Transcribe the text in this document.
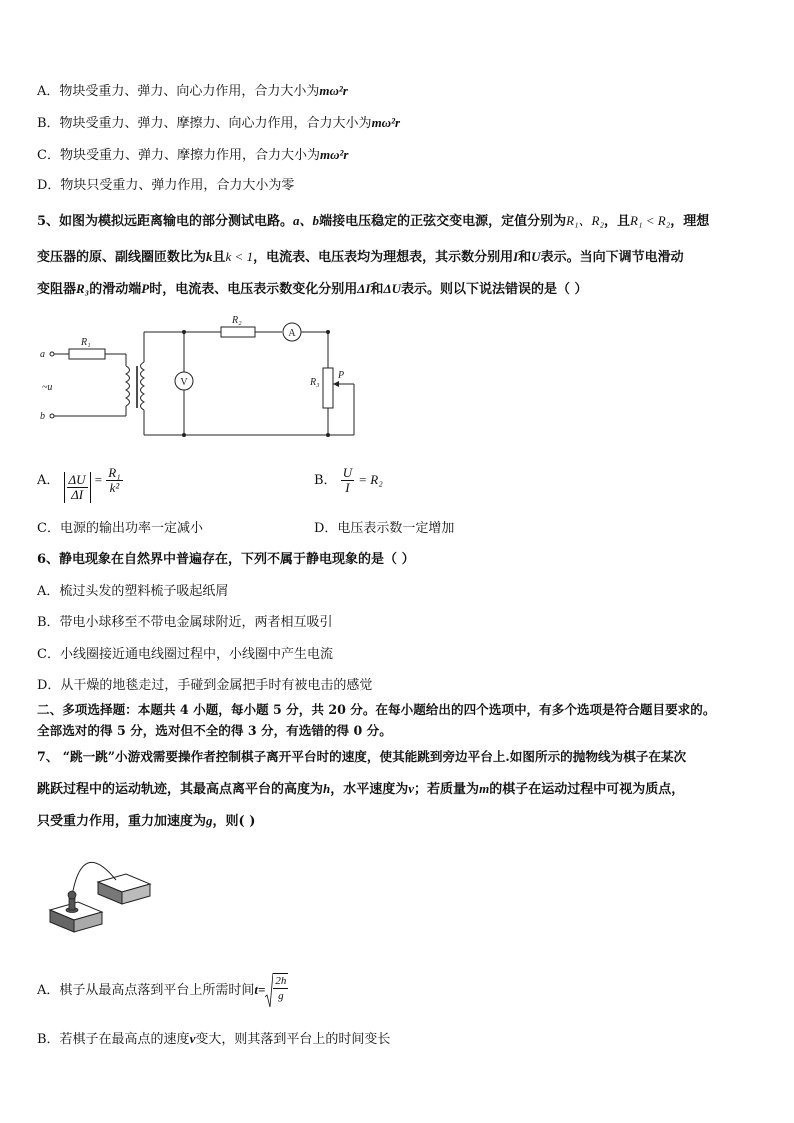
A．物块受重力、弹力、向心力作用，合力大小为mω²r
B．物块受重力、弹力、摩擦力、向心力作用，合力大小为mω²r
C．物块受重力、弹力、摩擦力作用，合力大小为mω²r
D．物块只受重力、弹力作用，合力大小为零
5、如图为模拟远距离输电的部分测试电路。a、b端接电压稳定的正弦交变电源，定值分别为R₁、R₂，且R₁ < R₂，理想
变压器的原、副线圈匝数比为k且k < 1，电流表、电压表均为理想表，其示数分别用I和U表示。当向下调节电滑动
变阻器R₃的滑动端P时，电流表、电压表示数变化分别用ΔI和ΔU表示。则以下说法错误的是（ ）
a
b
~u
R₁
R₂
R₃
P
V
A
A． $\frac{\Delta U}{\Delta I} = \frac{\text{R₁}}{\text{k²}}$	B． $\frac{U}{I} = R_2$
C．电源的输出功率一定减小	D．电压表示数一定增加
6、静电现象在自然界中普遍存在，下列不属于静电现象的是（ ）
A．梳过头发的塑料梳子吸起纸屑
B．带电小球移至不带电金属球附近，两者相互吸引
C．小线圈接近通电线圈过程中，小线圈中产生电流
D．从干燥的地毯走过，手碰到金属把手时有被电击的感觉
二、多项选择题：本题共 4 小题，每小题 5 分，共 20 分。在每小题给出的四个选项中，有多个选项是符合题目要求的。
全部选对的得 5 分，选对但不全的得 3 分，有选错的得 0 分。
7、 “跳一跳”小游戏需要操作者控制棋子离开平台时的速度，使其能跳到旁边平台上.如图所示的抛物线为棋子在某次
跳跃过程中的运动轨迹，其最高点离平台的高度为h，水平速度为v；若质量为m的棋子在运动过程中可视为质点，
只受重力作用，重力加速度为g，则( )
A．棋子从最高点落到平台上所需时间$t= \frac{2h}{g}$
B．若棋子在最高点的速度v变大，则其落到平台上的时间变长
